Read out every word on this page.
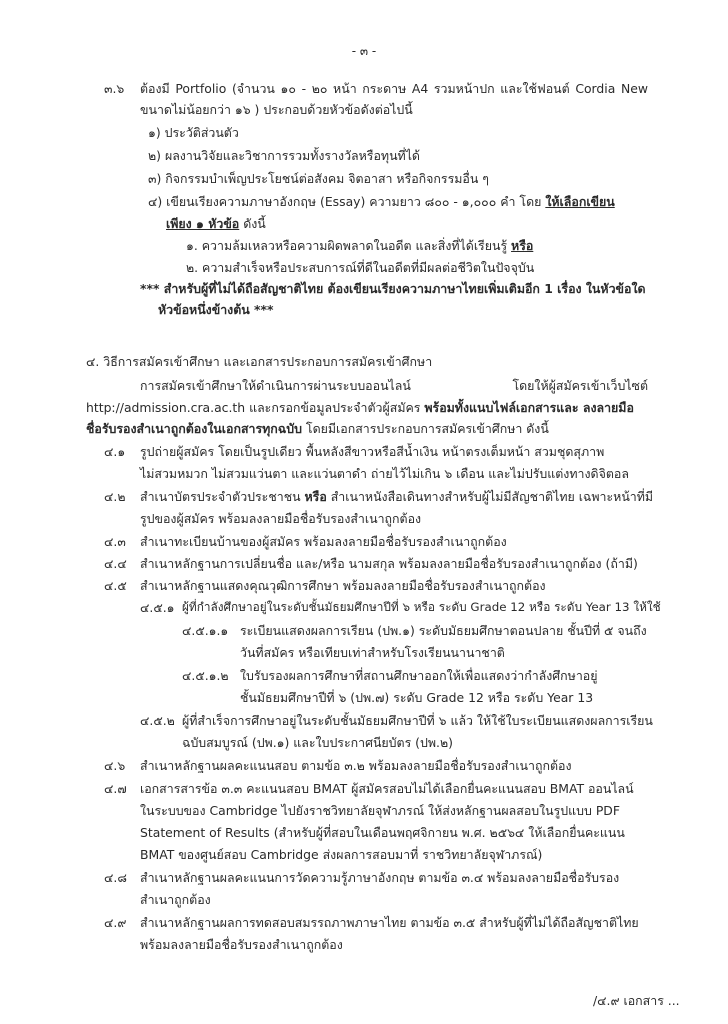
- ๓ -
๓.๖ ต้องมี Portfolio (จำนวน ๑๐ - ๒๐ หน้า กระดาษ A4 รวมหน้าปก และใช้ฟอนต์ Cordia New
ขนาดไม่น้อยกว่า ๑๖ ) ประกอบด้วยหัวข้อดังต่อไปนี้
๑) ประวัติส่วนตัว
๒) ผลงานวิจัยและวิชาการรวมทั้งรางวัลหรือทุนที่ได้
๓) กิจกรรมบำเพ็ญประโยชน์ต่อสังคม จิตอาสา หรือกิจกรรมอื่น ๆ
๔) เขียนเรียงความภาษาอังกฤษ (Essay) ความยาว ๘๐๐ - ๑,๐๐๐ คำ โดย ให้เลือกเขียน
เพียง ๑ หัวข้อ ดังนี้
๑. ความล้มเหลวหรือความผิดพลาดในอดีต และสิ่งที่ได้เรียนรู้ หรือ
๒. ความสำเร็จหรือประสบการณ์ที่ดีในอดีตที่มีผลต่อชีวิตในปัจจุบัน
*** สำหรับผู้ที่ไม่ได้ถือสัญชาติไทย ต้องเขียนเรียงความภาษาไทยเพิ่มเติมอีก 1 เรื่อง ในหัวข้อใด
หัวข้อหนึ่งข้างต้น ***
๔. วิธีการสมัครเข้าศึกษา และเอกสารประกอบการสมัครเข้าศึกษา
การสมัครเข้าศึกษาให้ดำเนินการผ่านระบบออนไลน์ โดยให้ผู้สมัครเข้าเว็บไซต์
http://admission.cra.ac.th และกรอกข้อมูลประจำตัวผู้สมัคร พร้อมทั้งแนบไฟล์เอกสารและ ลงลายมือ
ชื่อรับรองสำเนาถูกต้องในเอกสารทุกฉบับ โดยมีเอกสารประกอบการสมัครเข้าศึกษา ดังนี้
๔.๑ รูปถ่ายผู้สมัคร โดยเป็นรูปเดียว พื้นหลังสีขาวหรือสีน้ำเงิน หน้าตรงเต็มหน้า สวมชุดสุภาพ
ไม่สวมหมวก ไม่สวมแว่นตา และแว่นตาดำ ถ่ายไว้ไม่เกิน ๖ เดือน และไม่ปรับแต่งทางดิจิตอล
๔.๒ สำเนาบัตรประจำตัวประชาชน หรือ สำเนาหนังสือเดินทางสำหรับผู้ไม่มีสัญชาติไทย เฉพาะหน้าที่มี
รูปของผู้สมัคร พร้อมลงลายมือชื่อรับรองสำเนาถูกต้อง
๔.๓ สำเนาทะเบียนบ้านของผู้สมัคร พร้อมลงลายมือชื่อรับรองสำเนาถูกต้อง
๔.๔ สำเนาหลักฐานการเปลี่ยนชื่อ และ/หรือ นามสกุล พร้อมลงลายมือชื่อรับรองสำเนาถูกต้อง (ถ้ามี)
๔.๕ สำเนาหลักฐานแสดงคุณวุฒิการศึกษา พร้อมลงลายมือชื่อรับรองสำเนาถูกต้อง
๔.๕.๑ ผู้ที่กำลังศึกษาอยู่ในระดับชั้นมัธยมศึกษาปีที่ ๖ หรือ ระดับ Grade 12 หรือ ระดับ Year 13 ให้ใช้
๔.๕.๑.๑ ระเบียนแสดงผลการเรียน (ปพ.๑) ระดับมัธยมศึกษาตอนปลาย ชั้นปีที่ ๕ จนถึง
วันที่สมัคร หรือเทียบเท่าสำหรับโรงเรียนนานาชาติ
๔.๕.๑.๒ ใบรับรองผลการศึกษาที่สถานศึกษาออกให้เพื่อแสดงว่ากำลังศึกษาอยู่
ชั้นมัธยมศึกษาปีที่ ๖ (ปพ.๗) ระดับ Grade 12 หรือ ระดับ Year 13
๔.๕.๒ ผู้ที่สำเร็จการศึกษาอยู่ในระดับชั้นมัธยมศึกษาปีที่ ๖ แล้ว ให้ใช้ใบระเบียนแสดงผลการเรียน
ฉบับสมบูรณ์ (ปพ.๑) และใบประกาศนียบัตร (ปพ.๒)
๔.๖ สำเนาหลักฐานผลคะแนนสอบ ตามข้อ ๓.๒ พร้อมลงลายมือชื่อรับรองสำเนาถูกต้อง
๔.๗ เอกสารสารข้อ ๓.๓ คะแนนสอบ BMAT ผู้สมัครสอบไม่ได้เลือกยื่นคะแนนสอบ BMAT ออนไลน์
ในระบบของ Cambridge ไปยังราชวิทยาลัยจุฬาภรณ์ ให้ส่งหลักฐานผลสอบในรูปแบบ PDF
Statement of Results (สำหรับผู้ที่สอบในเดือนพฤศจิกายน พ.ศ. ๒๕๖๔ ให้เลือกยื่นคะแนน
BMAT ของศูนย์สอบ Cambridge ส่งผลการสอบมาที่ ราชวิทยาลัยจุฬาภรณ์)
๔.๘ สำเนาหลักฐานผลคะแนนการวัดความรู้ภาษาอังกฤษ ตามข้อ ๓.๔ พร้อมลงลายมือชื่อรับรอง
สำเนาถูกต้อง
๔.๙ สำเนาหลักฐานผลการทดสอบสมรรถภาพภาษาไทย ตามข้อ ๓.๕ สำหรับผู้ที่ไม่ได้ถือสัญชาติไทย
พร้อมลงลายมือชื่อรับรองสำเนาถูกต้อง
/๔.๙ เอกสาร ...
